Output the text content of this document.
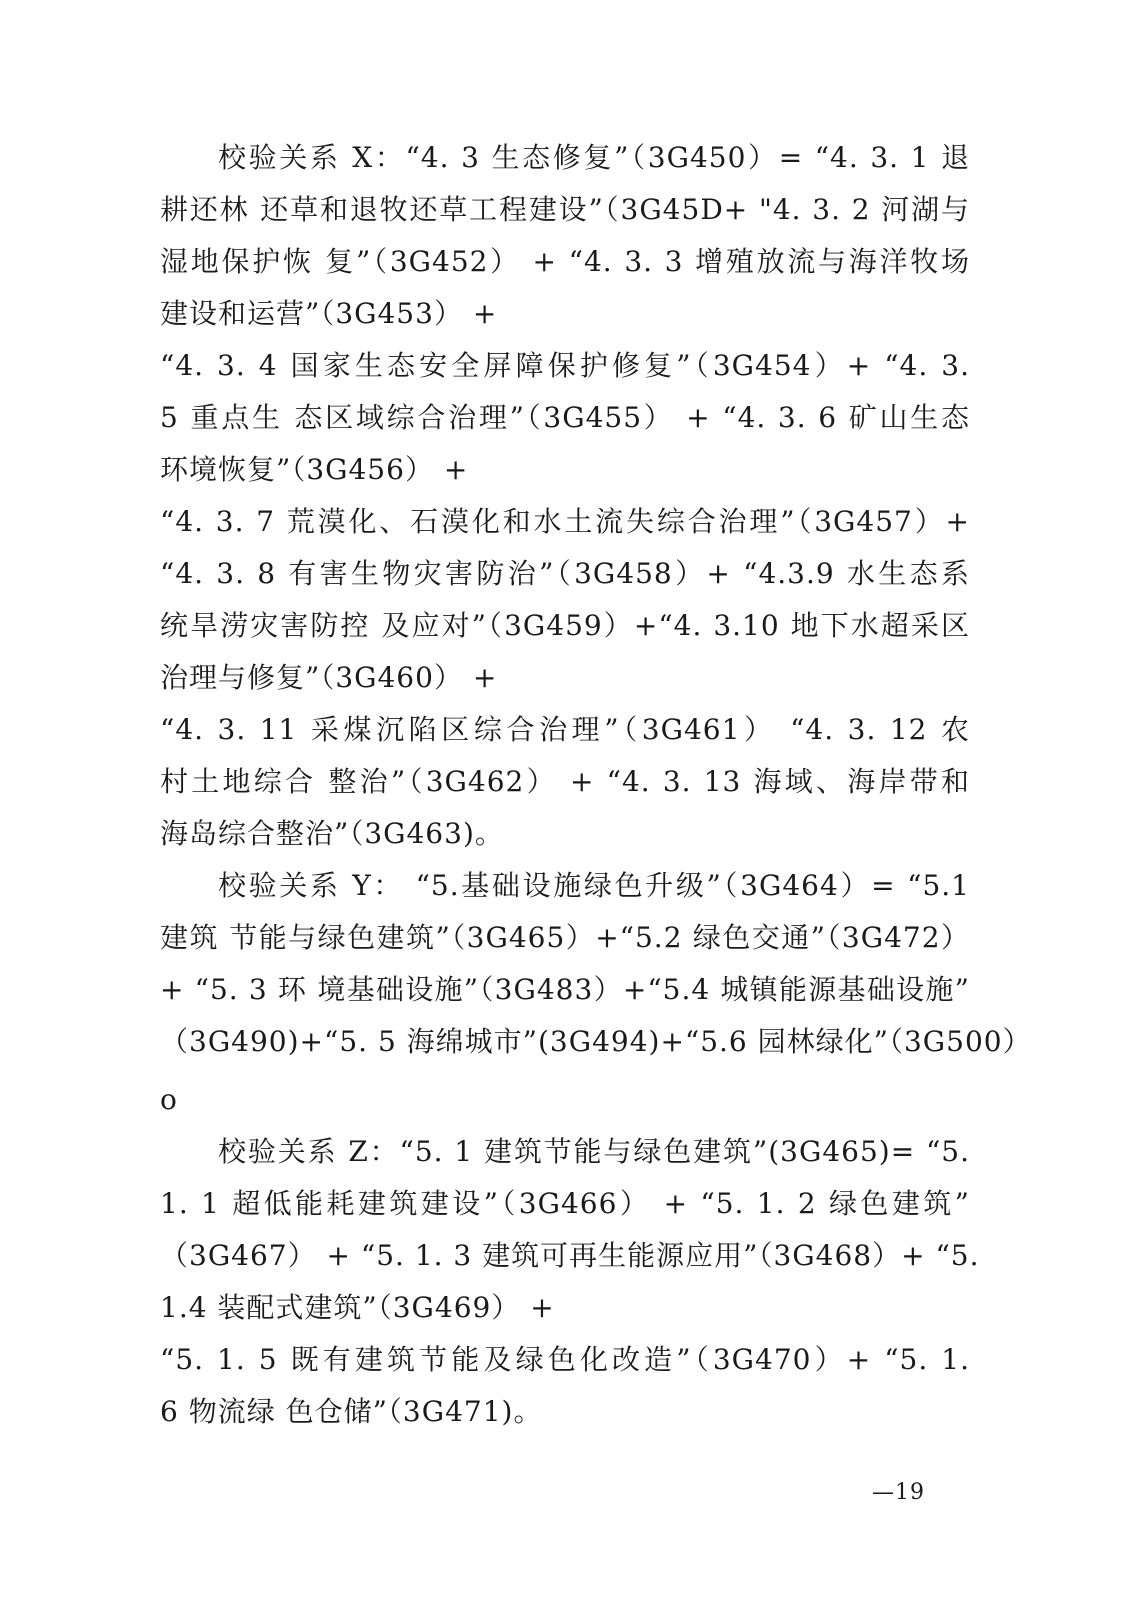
校验关系 X：“4. 3 生态修复”（3G450）= “4. 3. 1 退
耕还林 还草和退牧还草工程建设”（3G45D+ "4. 3. 2 河湖与
湿地保护恢 复”（3G452） + “4. 3. 3 增殖放流与海洋牧场
建设和运营”（3G453） +
“4. 3. 4 国家生态安全屏障保护修复”（3G454）+ “4. 3.
5 重点生 态区域综合治理”（3G455） + “4. 3. 6 矿山生态
环境恢复”（3G456） +
“4. 3. 7 荒漠化、石漠化和水土流失综合治理”（3G457）+
“4. 3. 8 有害生物灾害防治”（3G458）+ “4.3.9 水生态系
统旱涝灾害防控 及应对”（3G459）+“4. 3.10 地下水超采区
治理与修复”（3G460） +
“4. 3. 11 采煤沉陷区综合治理”（3G461） “4. 3. 12 农
村土地综合 整治”（3G462） + “4. 3. 13 海域、海岸带和
海岛综合整治”（3G463)。
校验关系 Y： “5.基础设施绿色升级”（3G464）= “5.1
建筑 节能与绿色建筑”（3G465）+“5.2 绿色交通”（3G472）
+ “5. 3 环 境基础设施”（3G483）+“5.4 城镇能源基础设施”
（3G490)+“5. 5 海绵城市”(3G494)+“5.6 园林绿化”（3G500）
o
校验关系 Z：“5. 1 建筑节能与绿色建筑”(3G465)= “5.
1. 1 超低能耗建筑建设”（3G466） + “5. 1. 2 绿色建筑”
（3G467） + “5. 1. 3 建筑可再生能源应用”（3G468）+ “5.
1.4 装配式建筑”（3G469） +
“5. 1. 5 既有建筑节能及绿色化改造”（3G470）+ “5. 1.
6 物流绿 色仓储”（3G471)。
—19
